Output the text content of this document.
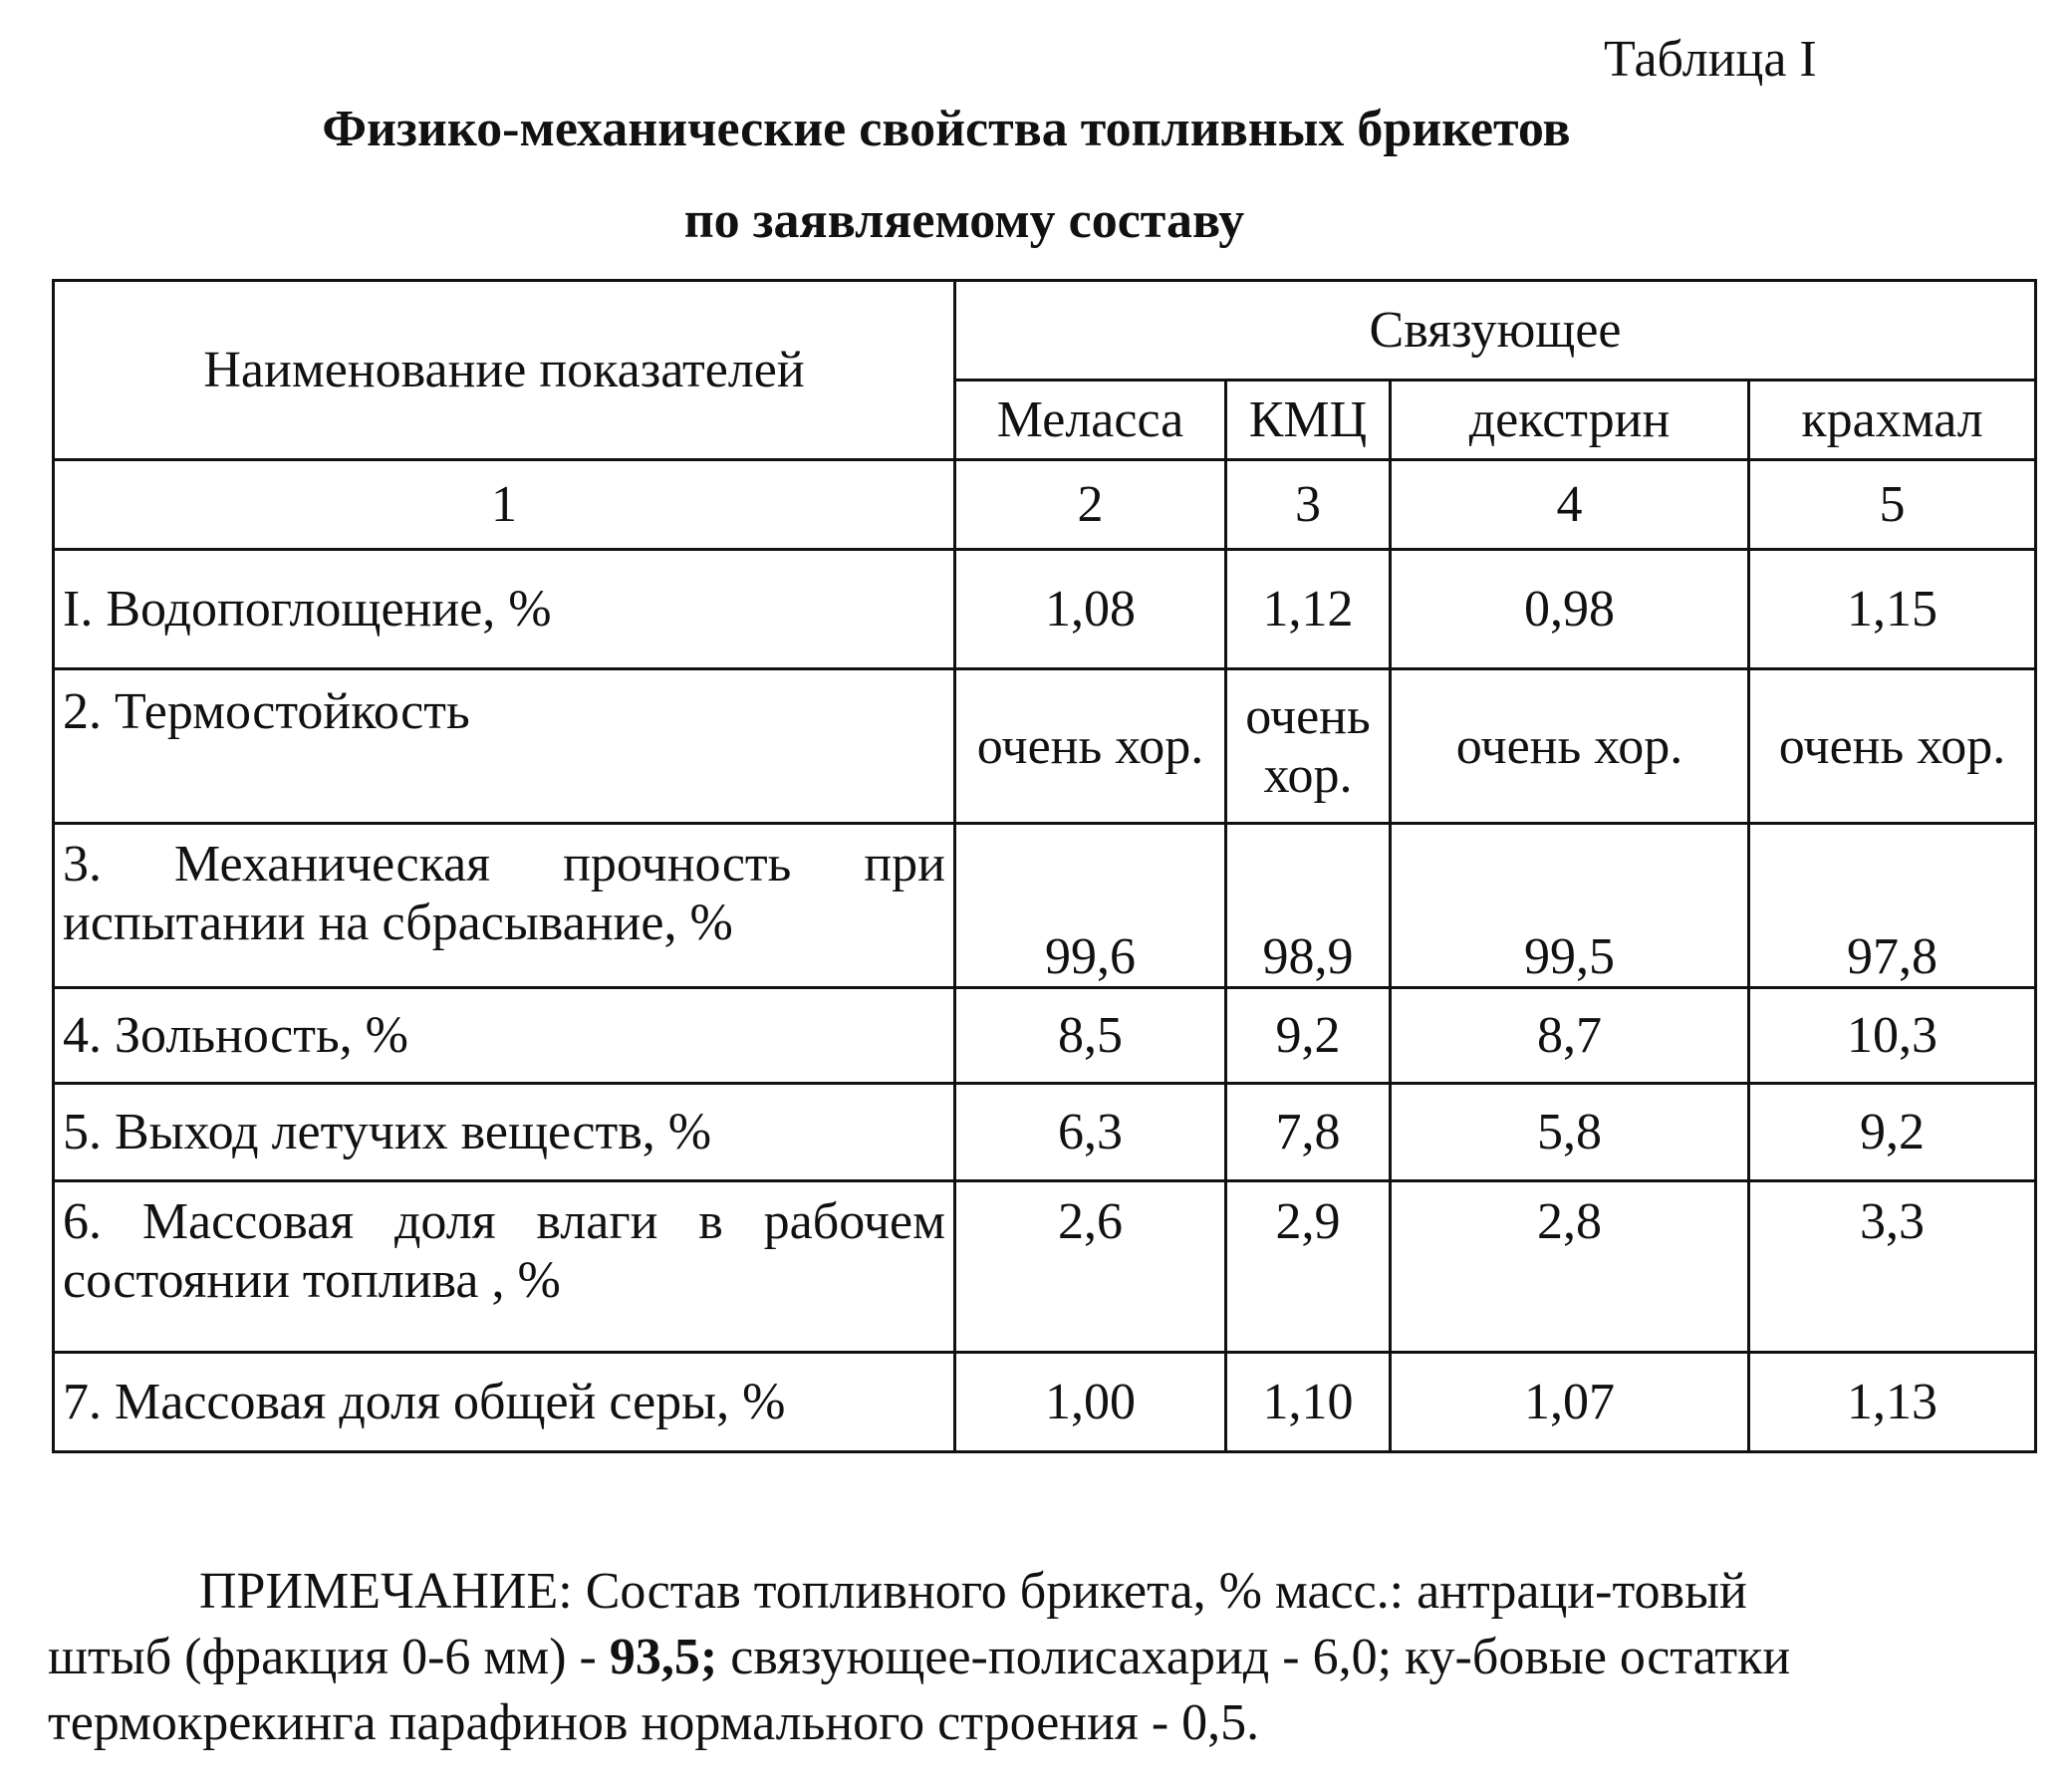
Таблица I
Физико-механические свойства топливных брикетов
по заявляемому составу
Наименование показателей	Связующее			
	Меласса	КМЦ	декстрин	крахмал
1	2	3	4	5
I. Водопоглощение, %	1,08	1,12	0,98	1,15
2. Термостойкость	очень хор.	очень хор.	очень хор.	очень хор.
3. Механическая прочность при испытании на сбрасывание, %	99,6	98,9	99,5	97,8
4. Зольность, %	8,5	9,2	8,7	10,3
5. Выход летучих веществ, %	6,3	7,8	5,8	9,2
6. Массовая доля влаги в рабочем состоянии топлива , %	2,6	2,9	2,8	3,3
7. Массовая доля общей серы, %	1,00	1,10	1,07	1,13
ПРИМЕЧАНИЕ: Состав топливного брикета, % масс.: антраци-товый штыб (фракция 0-6 мм) - 93,5; связующее-полисахарид - 6,0; ку-бовые остатки термокрекинга парафинов нормального строения - 0,5.
